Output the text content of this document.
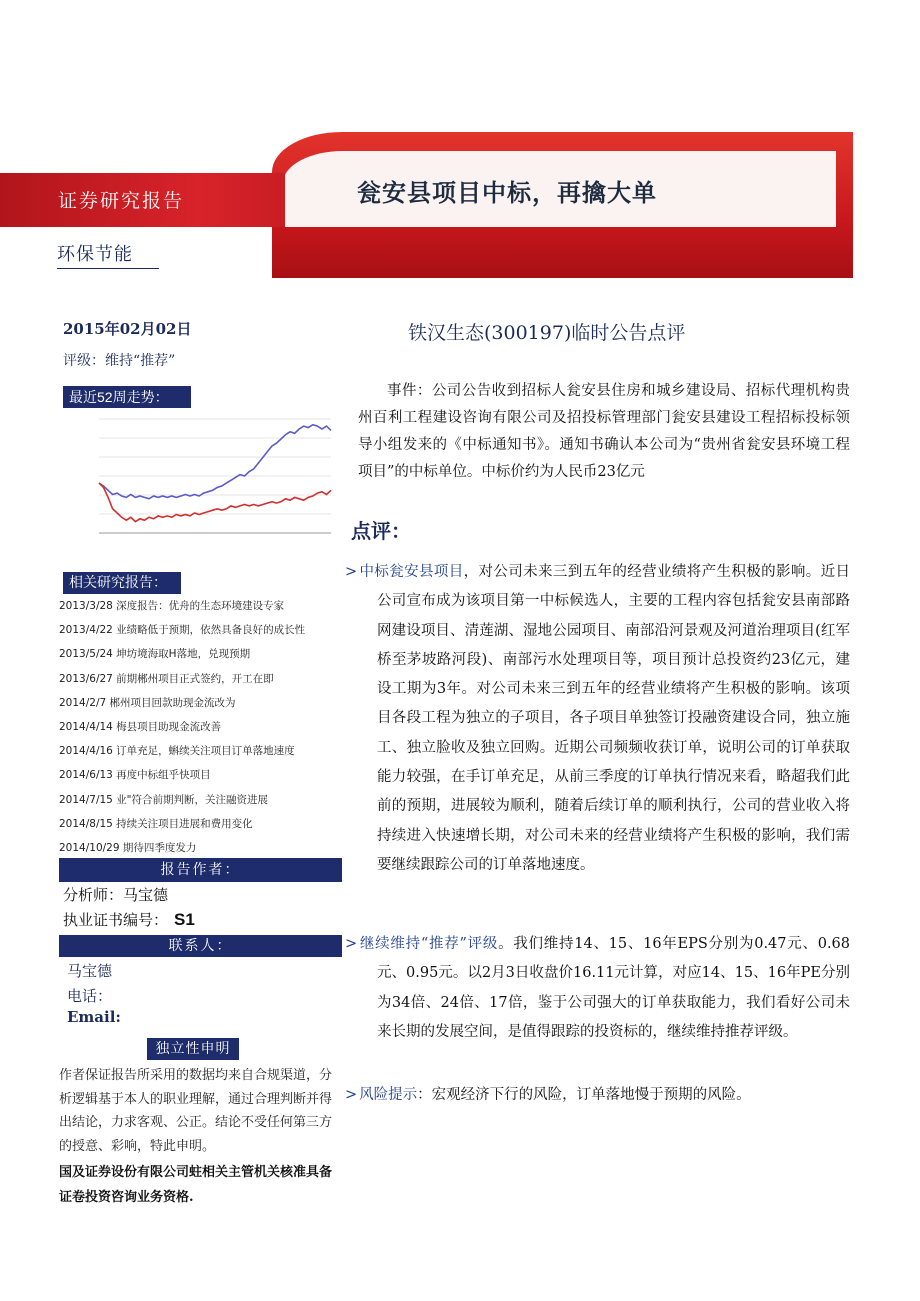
瓮安县项目中标，再擒大单
证券研究报告
环保节能
2015年02月02日
评级：维持“推荐”
最近52周走势：
相关研究报告：
2013/3/28 深度报告：优舟的生态环境建设专家
2013/4/22 业绩略低于预期，依然具备良好的成长性
2013/5/24 坤坊境海取H落地，兑现预期
2013/6/27 前期郴州项目正式签约，开工在即
2014/2/7 郴州项目回款助现金流改为
2014/4/14 梅县项目助现金流改善
2014/4/16 订单充足，蝌续关注项目订单落地速度
2014/6/13 再度中标组乎快项目
2014/7/15 业"符合前期判断，关注融资进展
2014/8/15 持续关注项目进展和费用变化
2014/10/29 期待四季度发力
报告作者：
分析师：马宝德
执业证书编号： S1
联系人：
马宝德
电话：
Email:
独立性申明
作者保证报告所采用的数据均来自合规渠道，分析逻辑基于本人的职业理解，通过合理判断并得出结论，力求客观、公正。结论不受任何第三方的授意、彩响，特此申明。
国及证券设份有限公司蛀相关主管机关核准具备证卷投资咨询业务资格.
铁汉生态(300197)临时公告点评
事件：公司公告收到招标人瓮安县住房和城乡建设局、招标代理机构贵州百利工程建设咨询有限公司及招投标管理部门瓮安县建设工程招标投标领导小组发来的《中标通知书》。通知书确认本公司为“贵州省瓮安县环境工程项目”的中标单位。中标价约为人民币23亿元
点评：
> 中标瓮安县项目，对公司未来三到五年的经营业绩将产生积极的影响。近日公司宣布成为该项目第一中标候选人，主要的工程内容包括瓮安县南部路网建设项目、清莲湖、湿地公园项目、南部沿河景观及河道治理项目(红军桥至茅坡路河段)、南部污水处理项目等，项目预计总投资约23亿元，建设工期为3年。对公司未来三到五年的经营业绩将产生积极的影响。该项目各段工程为独立的子项目，各子项目单独签订投融资建设合同，独立施工、独立脸收及独立回购。近期公司频频收获订单，说明公司的订单获取能力较强，在手订单充足，从前三季度的订单执行情况来看，略超我们此前的预期，进展较为顺利，随着后续订单的顺利执行，公司的营业收入将持续进入快速增长期，对公司未来的经营业绩将产生积极的影响，我们需要继续跟踪公司的订单落地速度。
> 继续维持“推荐”评级。我们维持14、15、16年EPS分别为0.47元、0.68元、0.95元。以2月3日收盘价16.11元计算，对应14、15、16年PE分别为34倍、24倍、17倍，鉴于公司强大的订单获取能力，我们看好公司未来长期的发展空间，是值得跟踪的投资标的，继续维持推荐评级。
> 风险提示：宏观经济下行的风险，订单落地慢于预期的风险。
